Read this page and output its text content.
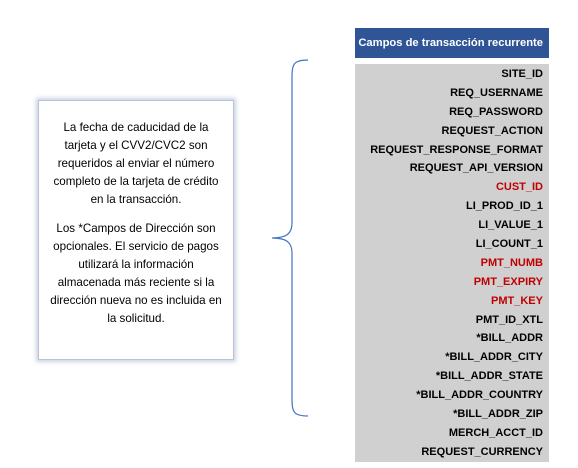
La fecha de caducidad de la tarjeta y el CVV2/CVC2 son requeridos al enviar el número completo de la tarjeta de crédito en la transacción.

Los *Campos de Dirección son opcionales. El servicio de pagos utilizará la información almacenada más reciente si la dirección nueva no es incluida en la solicitud.

Campos de transacción recurrente
SITE_ID
REQ_USERNAME
REQ_PASSWORD
REQUEST_ACTION
REQUEST_RESPONSE_FORMAT
REQUEST_API_VERSION
CUST_ID
LI_PROD_ID_1
LI_VALUE_1
LI_COUNT_1
PMT_NUMB
PMT_EXPIRY
PMT_KEY
PMT_ID_XTL
*BILL_ADDR
*BILL_ADDR_CITY
*BILL_ADDR_STATE
*BILL_ADDR_COUNTRY
*BILL_ADDR_ZIP
MERCH_ACCT_ID
REQUEST_CURRENCY
